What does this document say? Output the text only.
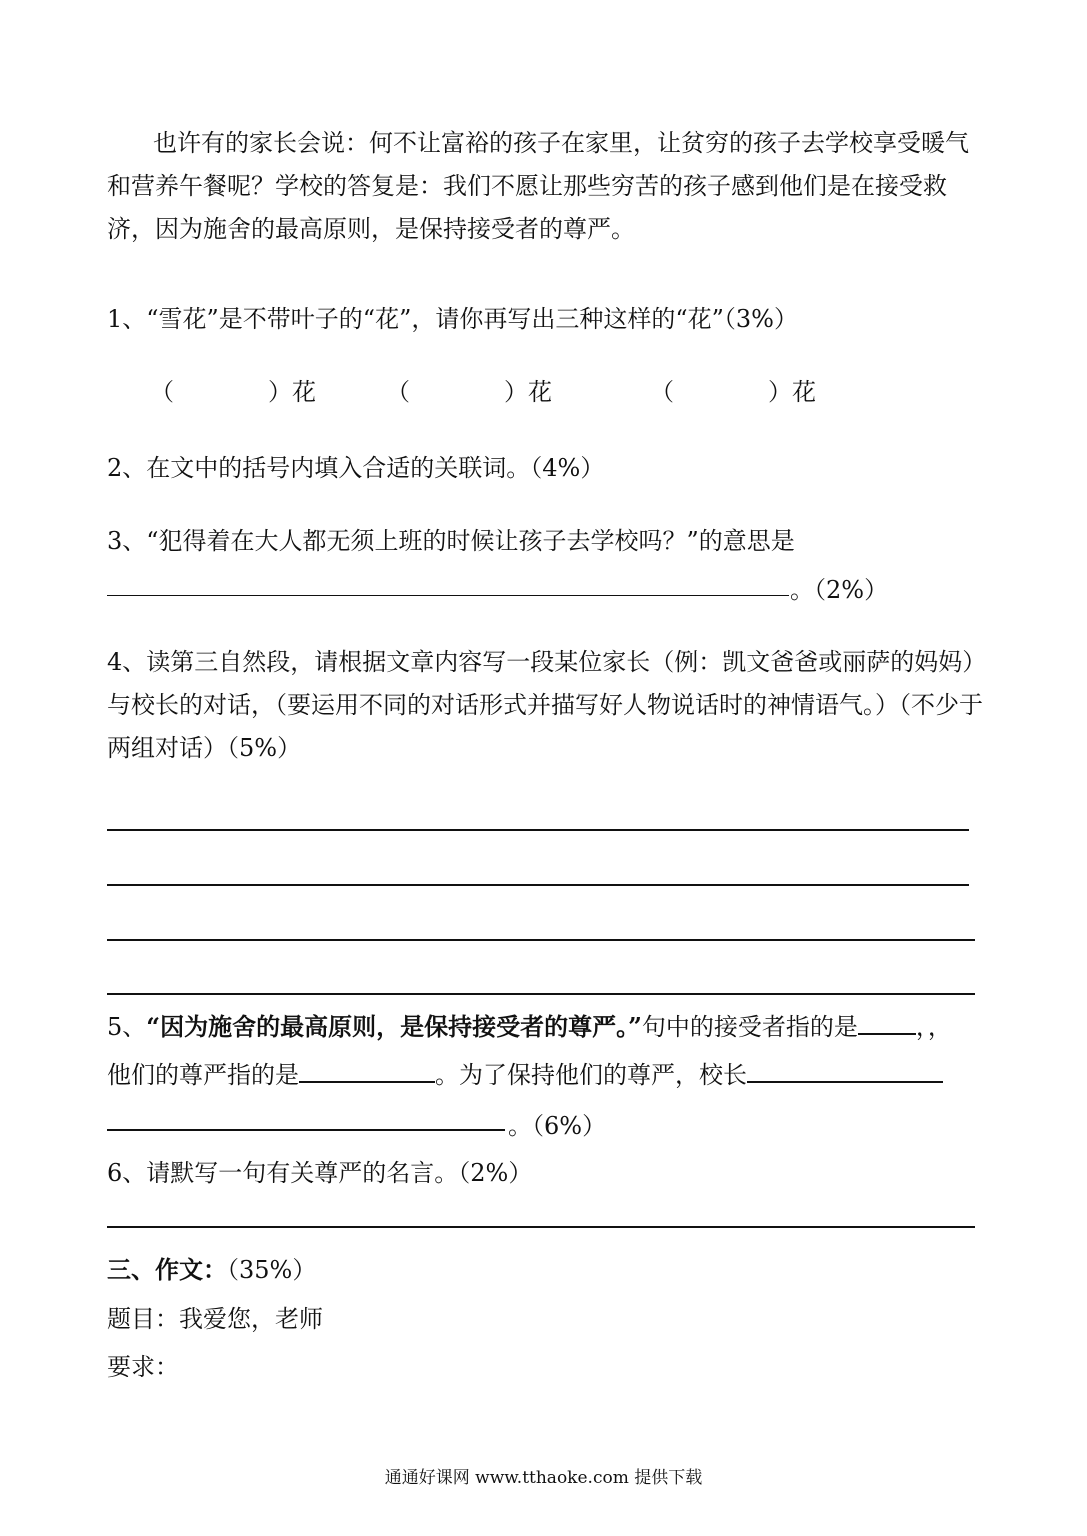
也许有的家长会说：何不让富裕的孩子在家里，让贫穷的孩子去学校享受暖气和营养午餐呢？学校的答复是：我们不愿让那些穷苦的孩子感到他们是在接受救济，因为施舍的最高原则，是保持接受者的尊严。
1、“雪花”是不带叶子的“花”，请你再写出三种这样的“花”（3%）
（	）花	（	）花	（	）花
2、在文中的括号内填入合适的关联词。（4%）
3、“犯得着在大人都无须上班的时候让孩子去学校吗？”的意思是
。（2%）
4、读第三自然段，请根据文章内容写一段某位家长（例：凯文爸爸或丽萨的妈妈）与校长的对话，（要运用不同的对话形式并描写好人物说话时的神情语气。）（不少于两组对话）（5%）
5、“因为施舍的最高原则，是保持接受者的尊严。”句中的接受者指的是 ，，
他们的尊严指的是	。为了保持他们的尊严，校长
。（6%）
6、请默写一句有关尊严的名言。（2%）
三、作文：（35%）
题目：我爱您，老师
要求：
通通好课网 www.tthaoke.com 提供下载
